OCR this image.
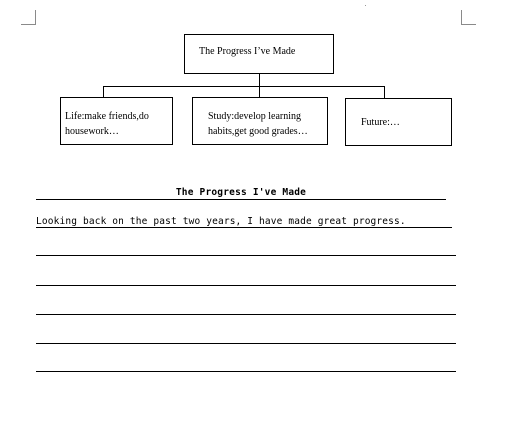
The Progress I’ve Made
Life:make friends,do
housework…
Study:develop learning
habits,get good grades…
Future:…
The Progress I've Made
Looking back on the past two years, I have made great progress.
